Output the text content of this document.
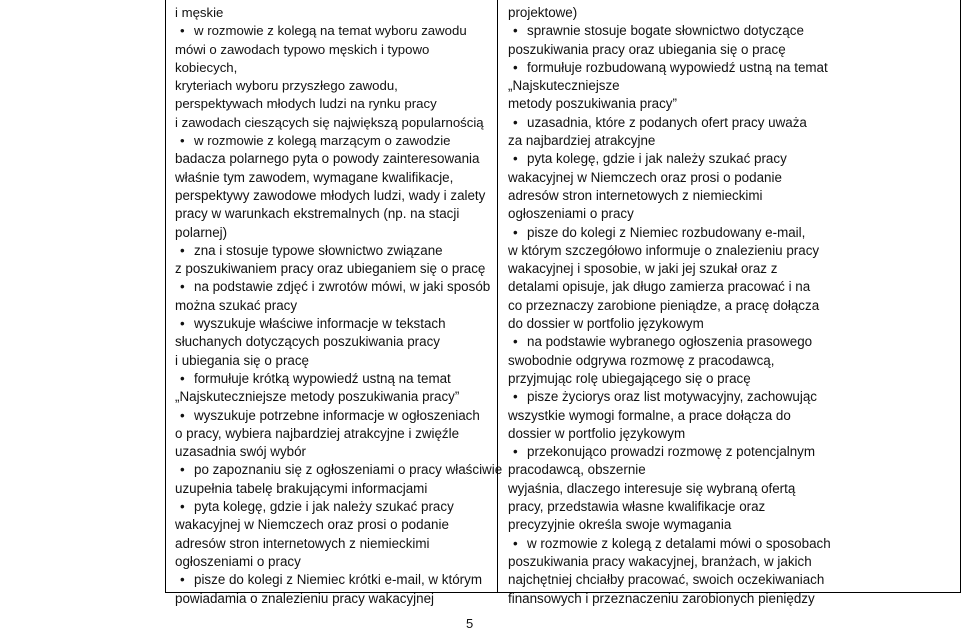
i męskie
• w rozmowie z kolegą na temat wyboru zawodu
mówi o zawodach typowo męskich i typowo
kobiecych,
kryteriach wyboru przyszłego zawodu,
perspektywach młodych ludzi na rynku pracy
i zawodach cieszących się największą popularnością
• w rozmowie z kolegą marzącym o zawodzie
badacza polarnego pyta o powody zainteresowania
właśnie tym zawodem, wymagane kwalifikacje,
perspektywy zawodowe młodych ludzi, wady i zalety
pracy w warunkach ekstremalnych (np. na stacji
polarnej)
• zna i stosuje typowe słownictwo związane
z poszukiwaniem pracy oraz ubieganiem się o pracę
• na podstawie zdjęć i zwrotów mówi, w jaki sposób
można szukać pracy
• wyszukuje właściwe informacje w tekstach
słuchanych dotyczących poszukiwania pracy
i ubiegania się o pracę
• formułuje krótką wypowiedź ustną na temat
„Najskuteczniejsze metody poszukiwania pracy”
• wyszukuje potrzebne informacje w ogłoszeniach
o pracy, wybiera najbardziej atrakcyjne i zwięźle
uzasadnia swój wybór
• po zapoznaniu się z ogłoszeniami o pracy właściwie
uzupełnia tabelę brakującymi informacjami
• pyta kolegę, gdzie i jak należy szukać pracy
wakacyjnej w Niemczech oraz prosi o podanie
adresów stron internetowych z niemieckimi
ogłoszeniami o pracy
• pisze do kolegi z Niemiec krótki e-mail, w którym
powiadamia o znalezieniu pracy wakacyjnej
projektowe)
• sprawnie stosuje bogate słownictwo dotyczące
poszukiwania pracy oraz ubiegania się o pracę
• formułuje rozbudowaną wypowiedź ustną na temat
„Najskuteczniejsze
metody poszukiwania pracy”
• uzasadnia, które z podanych ofert pracy uważa
za najbardziej atrakcyjne
• pyta kolegę, gdzie i jak należy szukać pracy
wakacyjnej w Niemczech oraz prosi o podanie
adresów stron internetowych z niemieckimi
ogłoszeniami o pracy
• pisze do kolegi z Niemiec rozbudowany e-mail,
w którym szczegółowo informuje o znalezieniu pracy
wakacyjnej i sposobie, w jaki jej szukał oraz z
detalami opisuje, jak długo zamierza pracować i na
co przeznaczy zarobione pieniądze, a pracę dołącza
do dossier w portfolio językowym
• na podstawie wybranego ogłoszenia prasowego
swobodnie odgrywa rozmowę z pracodawcą,
przyjmując rolę ubiegającego się o pracę
• pisze życiorys oraz list motywacyjny, zachowując
wszystkie wymogi formalne, a prace dołącza do
dossier w portfolio językowym
• przekonująco prowadzi rozmowę z potencjalnym
pracodawcą, obszernie
wyjaśnia, dlaczego interesuje się wybraną ofertą
pracy, przedstawia własne kwalifikacje oraz
precyzyjnie określa swoje wymagania
• w rozmowie z kolegą z detalami mówi o sposobach
poszukiwania pracy wakacyjnej, branżach, w jakich
najchętniej chciałby pracować, swoich oczekiwaniach
finansowych i przeznaczeniu zarobionych pieniędzy
5
